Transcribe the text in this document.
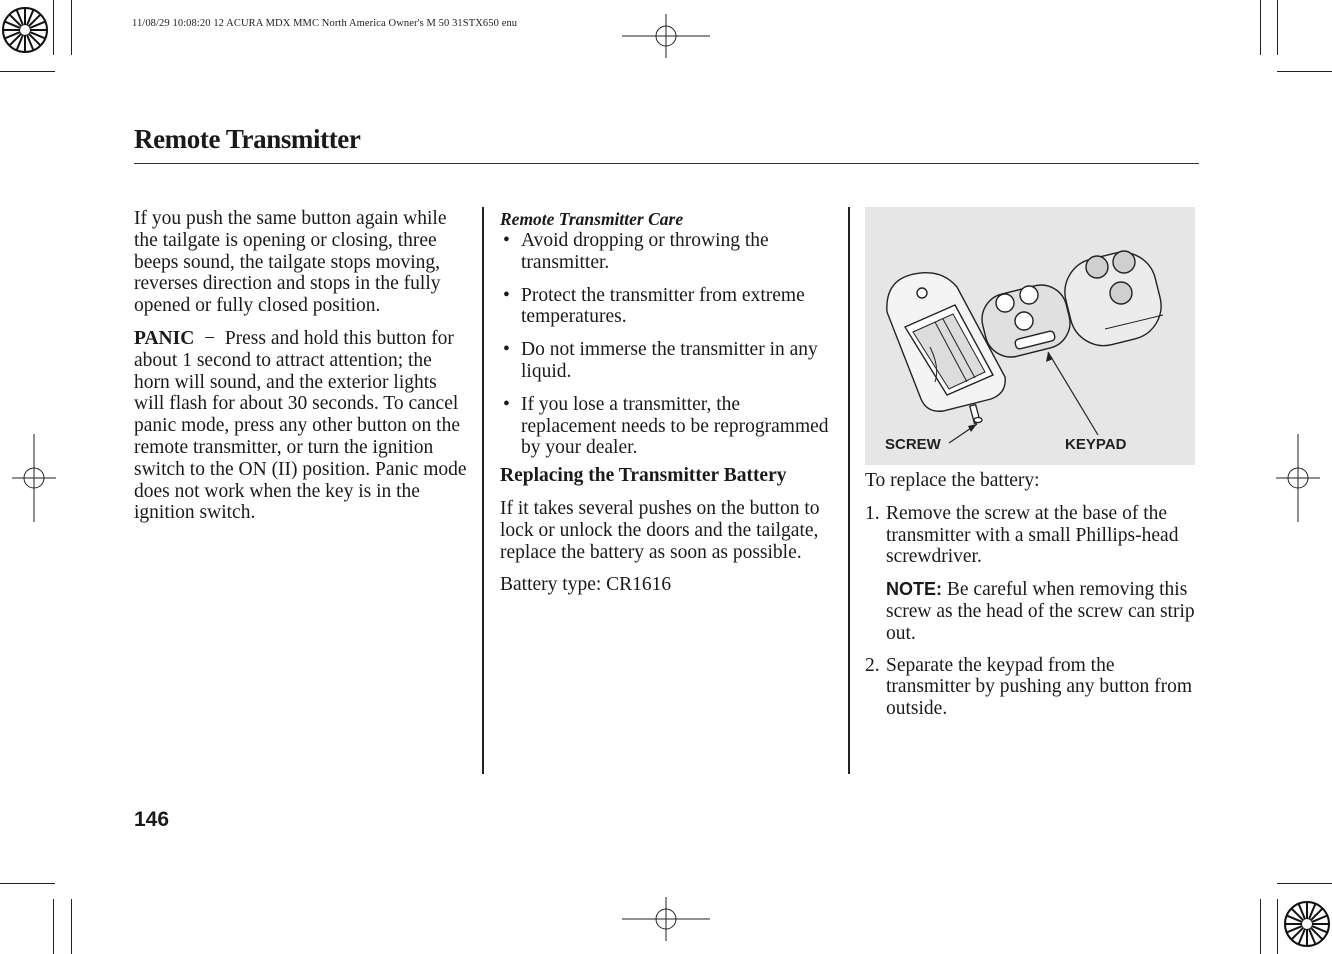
11/08/29 10:08:20 12 ACURA MDX MMC North America Owner's M 50 31STX650 enu
Remote Transmitter

If you push the same button again while the tailgate is opening or closing, three beeps sound, the tailgate stops moving, reverses direction and stops in the fully opened or fully closed position.

PANIC − Press and hold this button for about 1 second to attract attention; the horn will sound, and the exterior lights will flash for about 30 seconds. To cancel panic mode, press any other button on the remote transmitter, or turn the ignition switch to the ON (II) position. Panic mode does not work when the key is in the ignition switch.

Remote Transmitter Care
• Avoid dropping or throwing the transmitter.
• Protect the transmitter from extreme temperatures.
• Do not immerse the transmitter in any liquid.
• If you lose a transmitter, the replacement needs to be reprogrammed by your dealer.

Replacing the Transmitter Battery

If it takes several pushes on the button to lock or unlock the doors and the tailgate, replace the battery as soon as possible.

Battery type: CR1616

SCREW	KEYPAD

To replace the battery:

1. Remove the screw at the base of the transmitter with a small Phillips-head screwdriver.
NOTE: Be careful when removing this screw as the head of the screw can strip out.
2. Separate the keypad from the transmitter by pushing any button from outside.
146
